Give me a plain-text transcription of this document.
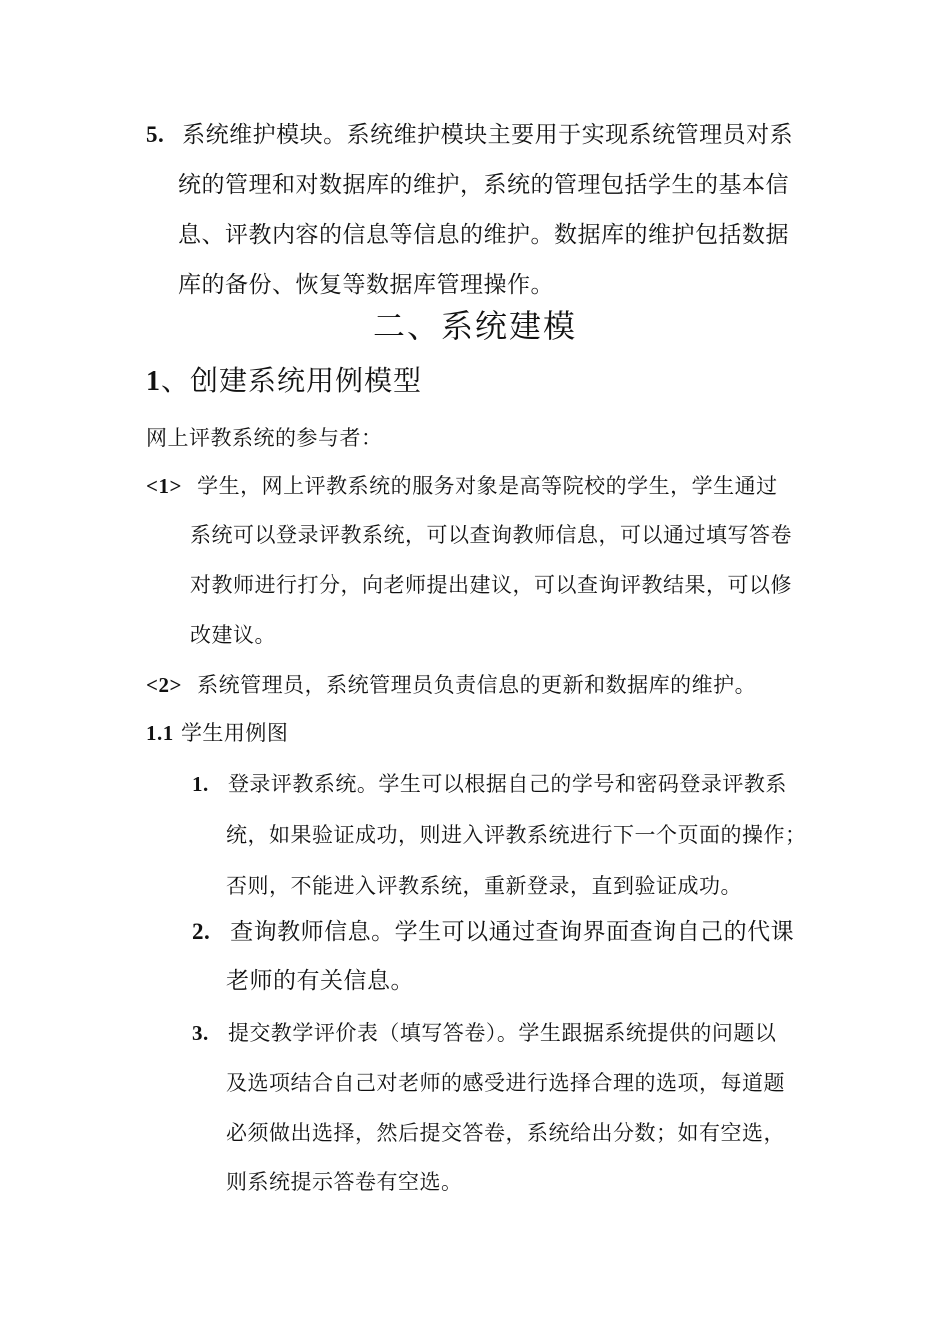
5. 系统维护模块。系统维护模块主要用于实现系统管理员对系
统的管理和对数据库的维护，系统的管理包括学生的基本信
息、评教内容的信息等信息的维护。数据库的维护包括数据
库的备份、恢复等数据库管理操作。
二、系统建模
1、创建系统用例模型
网上评教系统的参与者：
<1> 学生，网上评教系统的服务对象是高等院校的学生，学生通过
系统可以登录评教系统，可以查询教师信息，可以通过填写答卷
对教师进行打分，向老师提出建议，可以查询评教结果，可以修
改建议。
<2> 系统管理员，系统管理员负责信息的更新和数据库的维护。
1.1 学生用例图
1. 登录评教系统。学生可以根据自己的学号和密码登录评教系
统，如果验证成功，则进入评教系统进行下一个页面的操作；
否则，不能进入评教系统，重新登录，直到验证成功。
2. 查询教师信息。学生可以通过查询界面查询自己的代课
老师的有关信息。
3. 提交教学评价表（填写答卷）。学生跟据系统提供的问题以
及选项结合自己对老师的感受进行选择合理的选项，每道题
必须做出选择，然后提交答卷，系统给出分数；如有空选，
则系统提示答卷有空选。
